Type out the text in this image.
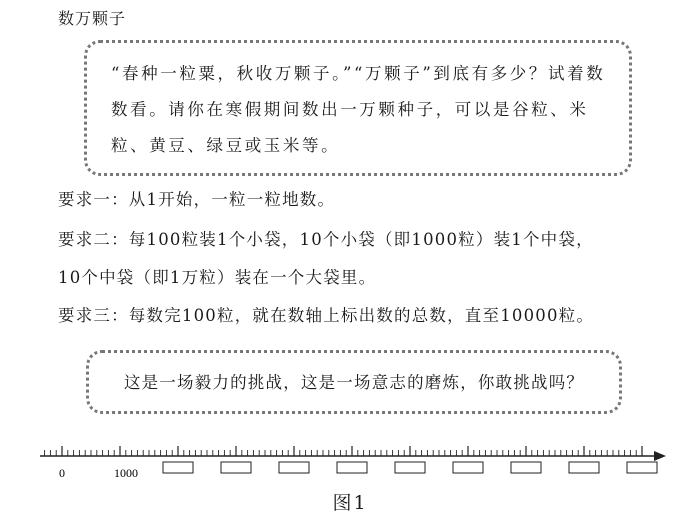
数万颗子
“春种一粒粟，秋收万颗子。”“万颗子”到底有多少？试着数数看。请你在寒假期间数出一万颗种子，可以是谷粒、米粒、黄豆、绿豆或玉米等。
要求一：从1开始，一粒一粒地数。
要求二：每100粒装1个小袋，10个小袋（即1000粒）装1个中袋，
10个中袋（即1万粒）装在一个大袋里。
要求三：每数完100粒，就在数轴上标出数的总数，直至10000粒。
这是一场毅力的挑战，这是一场意志的磨炼，你敢挑战吗？
0	1000
图1
